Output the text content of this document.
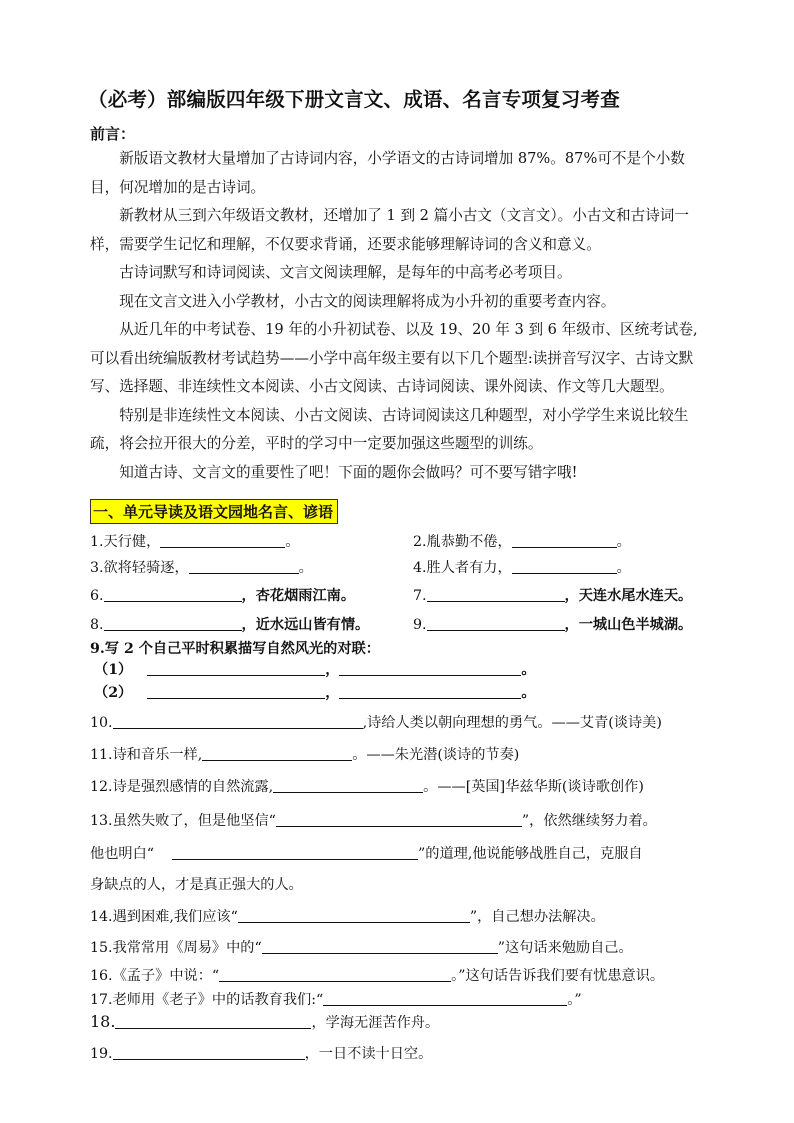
（必考）部编版四年级下册文言文、成语、名言专项复习考查
前言：

新版语文教材大量增加了古诗词内容，小学语文的古诗词增加 87%。87%可不是个小数目，何况增加的是古诗词。

新教材从三到六年级语文教材，还增加了 1 到 2 篇小古文（文言文）。小古文和古诗词一样，需要学生记忆和理解，不仅要求背诵，还要求能够理解诗词的含义和意义。

古诗词默写和诗词阅读、文言文阅读理解，是每年的中高考必考项目。

现在文言文进入小学教材，小古文的阅读理解将成为小升初的重要考查内容。

从近几年的中考试卷、19 年的小升初试卷、以及 19、20 年 3 到 6 年级市、区统考试卷,可以看出统编版教材考试趋势——小学中高年级主要有以下几个题型:读拼音写汉字、古诗文默写、选择题、非连续性文本阅读、小古文阅读、古诗词阅读、课外阅读、作文等几大题型。

特别是非连续性文本阅读、小古文阅读、古诗词阅读这几种题型，对小学学生来说比较生疏，将会拉开很大的分差，平时的学习中一定要加强这些题型的训练。

知道古诗、文言文的重要性了吧！下面的题你会做吗？可不要写错字哦!

一、单元导读及语文园地名言、谚语
1.天行健，	。	2.胤恭勤不倦，	。
3.欲将轻骑逐，	。	4.胜人者有力，	。
6.	，杏花烟雨江南。	7.	，天连水尾水连天。
8.	，近水远山皆有情。	9.	，一城山色半城湖。
9.写 2 个自己平时积累描写自然风光的对联：
（1）	，	。
（2）	，	。
10.	,诗给人类以朝向理想的勇气。——艾青(谈诗美)
11.诗和音乐一样,	。——朱光潜(谈诗的节奏)
12.诗是强烈感情的自然流露,	。——[英国]华兹华斯(谈诗歌创作)
13.虽然失败了，但是他坚信“	”，依然继续努力着。
他也明白“	”的道理,他说能够战胜自己，克服自
身缺点的人，才是真正强大的人。
14.遇到困难,我们应该“	”，自己想办法解决。
15.我常常用《周易》中的“	”这句话来勉励自己。
16.《孟子》中说：“	。”这句话告诉我们要有忧患意识。
17.老师用《老子》中的话教育我们:“	。”
18.	，学海无涯苦作舟。
19.	，一日不读十日空。
